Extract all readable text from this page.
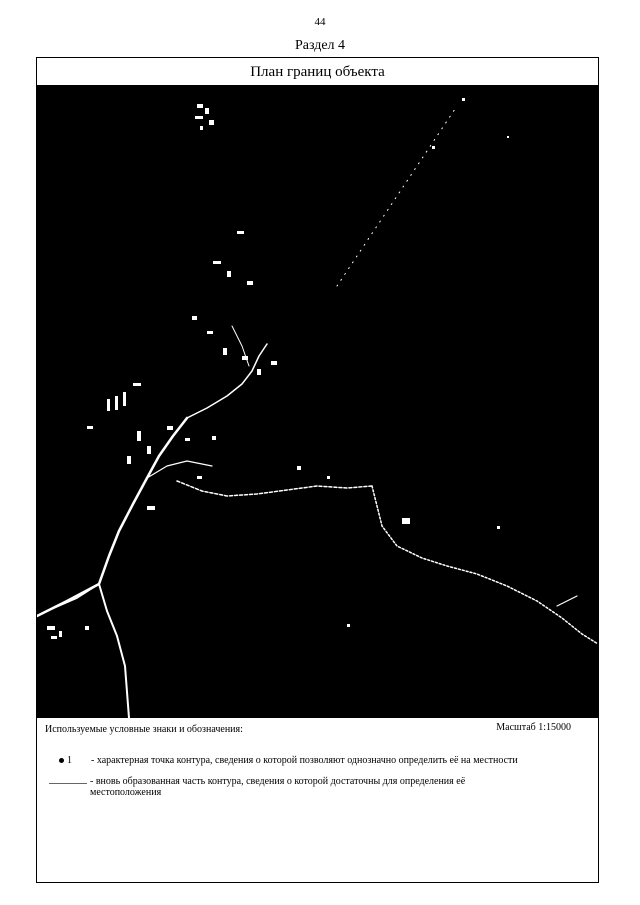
44
Раздел 4
План границ объекта
Используемые условные знаки и обозначения:	Масштаб 1:15000
1 - характерная точка контура, сведения о которой позволяют однозначно определить её на местности
- вновь образованная часть контура, сведения о которой достаточны для определения её местоположения
